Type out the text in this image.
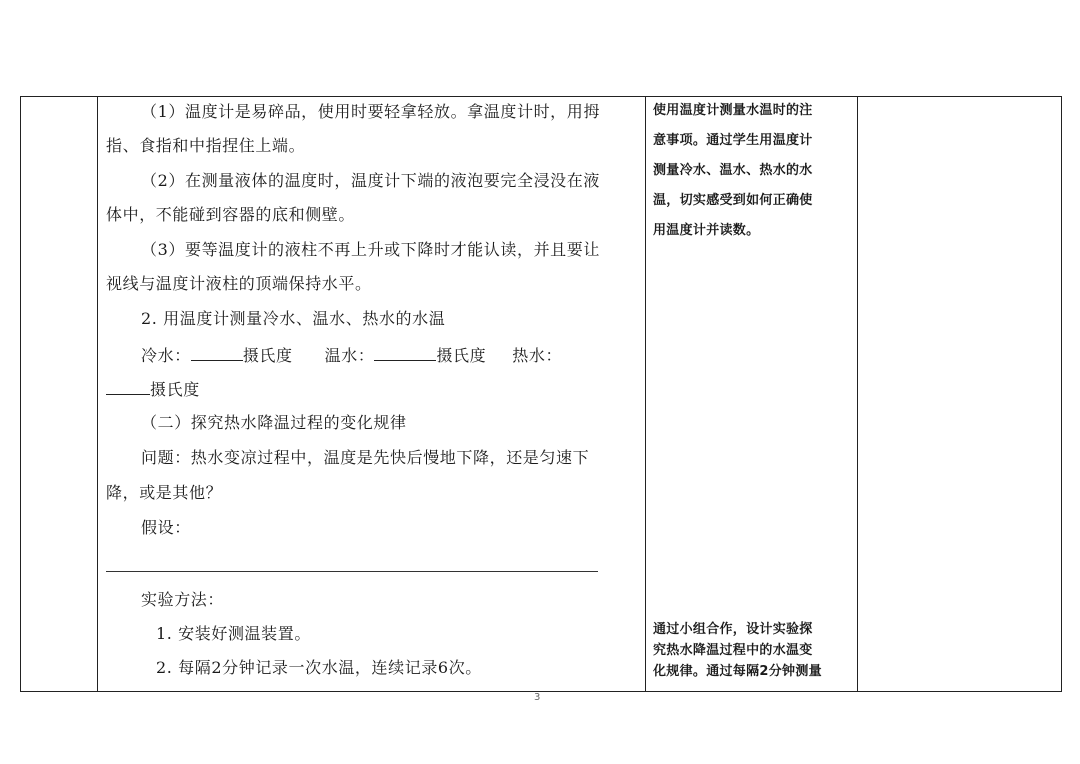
（1）温度计是易碎品，使用时要轻拿轻放。拿温度计时，用拇

指、食指和中指捏住上端。

（2）在测量液体的温度时，温度计下端的液泡要完全浸没在液

体中，不能碰到容器的底和侧壁。

（3）要等温度计的液柱不再上升或下降时才能认读，并且要让

视线与温度计液柱的顶端保持水平。

2. 用温度计测量冷水、温水、热水的水温

冷水：	摄氏度 温水：	摄氏度 热水：

摄氏度

（二）探究热水降温过程的变化规律

问题：热水变凉过程中，温度是先快后慢地下降，还是匀速下

降，或是其他？

假设：

实验方法：

1. 安装好测温装置。

2. 每隔2分钟记录一次水温，连续记录6次。

使用温度计测量水温时的注
意事项。通过学生用温度计
测量冷水、温水、热水的水
温，切实感受到如何正确使
用温度计并读数。
通过小组合作，设计实验探
究热水降温过程中的水温变
化规律。通过每隔2分钟测量
3
